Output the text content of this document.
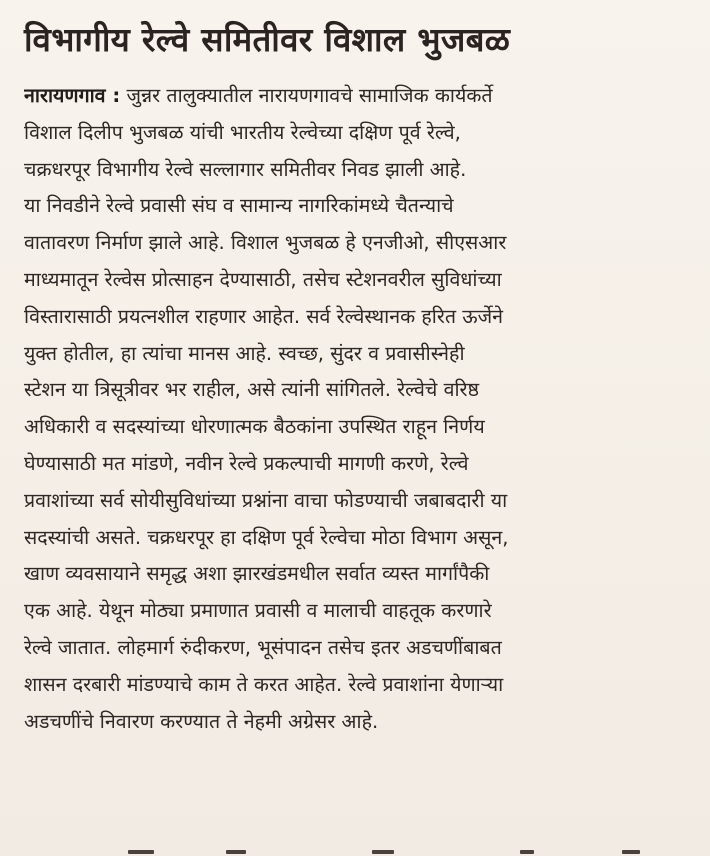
विभागीय रेल्वे समितीवर विशाल भुजबळ
नारायणगाव : जुन्नर तालुक्यातील नारायणगावचे सामाजिक कार्यकर्ते
विशाल दिलीप भुजबळ यांची भारतीय रेल्वेच्या दक्षिण पूर्व रेल्वे,
चक्रधरपूर विभागीय रेल्वे सल्लागार समितीवर निवड झाली आहे.
या निवडीने रेल्वे प्रवासी संघ व सामान्य नागरिकांमध्ये चैतन्याचे
वातावरण निर्माण झाले आहे. विशाल भुजबळ हे एनजीओ, सीएसआर
माध्यमातून रेल्वेस प्रोत्साहन देण्यासाठी, तसेच स्टेशनवरील सुविधांच्या
विस्तारासाठी प्रयत्नशील राहणार आहेत. सर्व रेल्वेस्थानक हरित ऊर्जेने
युक्त होतील, हा त्यांचा मानस आहे. स्वच्छ, सुंदर व प्रवासीस्नेही
स्टेशन या त्रिसूत्रीवर भर राहील, असे त्यांनी सांगितले. रेल्वेचे वरिष्ठ
अधिकारी व सदस्यांच्या धोरणात्मक बैठकांना उपस्थित राहून निर्णय
घेण्यासाठी मत मांडणे, नवीन रेल्वे प्रकल्पाची मागणी करणे, रेल्वे
प्रवाशांच्या सर्व सोयीसुविधांच्या प्रश्नांना वाचा फोडण्याची जबाबदारी या
सदस्यांची असते. चक्रधरपूर हा दक्षिण पूर्व रेल्वेचा मोठा विभाग असून,
खाण व्यवसायाने समृद्ध अशा झारखंडमधील सर्वात व्यस्त मार्गांपैकी
एक आहे. येथून मोठ्या प्रमाणात प्रवासी व मालाची वाहतूक करणारे
रेल्वे जातात. लोहमार्ग रुंदीकरण, भूसंपादन तसेच इतर अडचणींबाबत
शासन दरबारी मांडण्याचे काम ते करत आहेत. रेल्वे प्रवाशांना येणाऱ्या
अडचणींचे निवारण करण्यात ते नेहमी अग्रेसर आहे.
